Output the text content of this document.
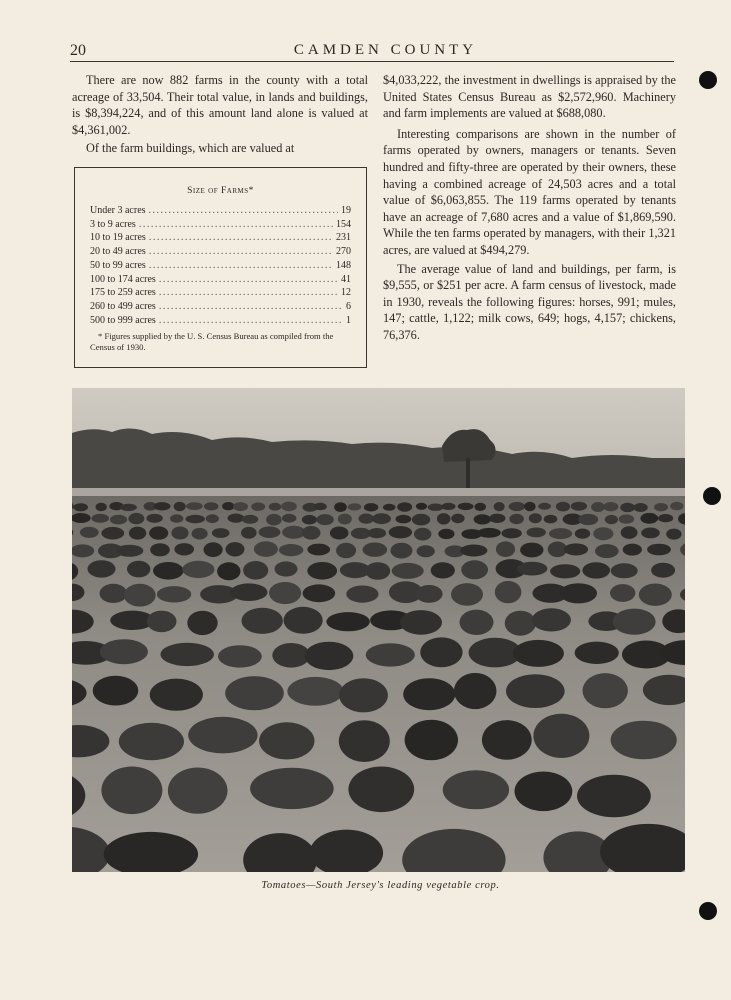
20	CAMDEN COUNTY

There are now 882 farms in the county with a total acreage of 33,504. Their total value, in lands and buildings, is $8,394,224, and of this amount land alone is valued at $4,361,002.

Of the farm buildings, which are valued at

Size of Farms*
Under 3 acres .....	19
3 to 9 acres .....	154
10 to 19 acres .....	231
20 to 49 acres .....	270
50 to 99 acres .....	148
100 to 174 acres .....	41
175 to 259 acres .....	12
260 to 499 acres .....	6
500 to 999 acres .....	1
* Figures supplied by the U. S. Census Bureau as compiled from the Census of 1930.

$4,033,222, the investment in dwellings is appraised by the United States Census Bureau as $2,572,960. Machinery and farm implements are valued at $688,080.

Interesting comparisons are shown in the number of farms operated by owners, managers or tenants. Seven hundred and fifty-three are operated by their owners, these having a combined acreage of 24,503 acres and a total value of $6,063,855. The 119 farms operated by tenants have an acreage of 7,680 acres and a value of $1,869,590. While the ten farms operated by managers, with their 1,321 acres, are valued at $494,279.

The average value of land and buildings, per farm, is $9,555, or $251 per acre. A farm census of livestock, made in 1930, reveals the following figures: horses, 991; mules, 147; cattle, 1,122; milk cows, 649; hogs, 4,157; chickens, 76,376.

Tomatoes—South Jersey's leading vegetable crop.
